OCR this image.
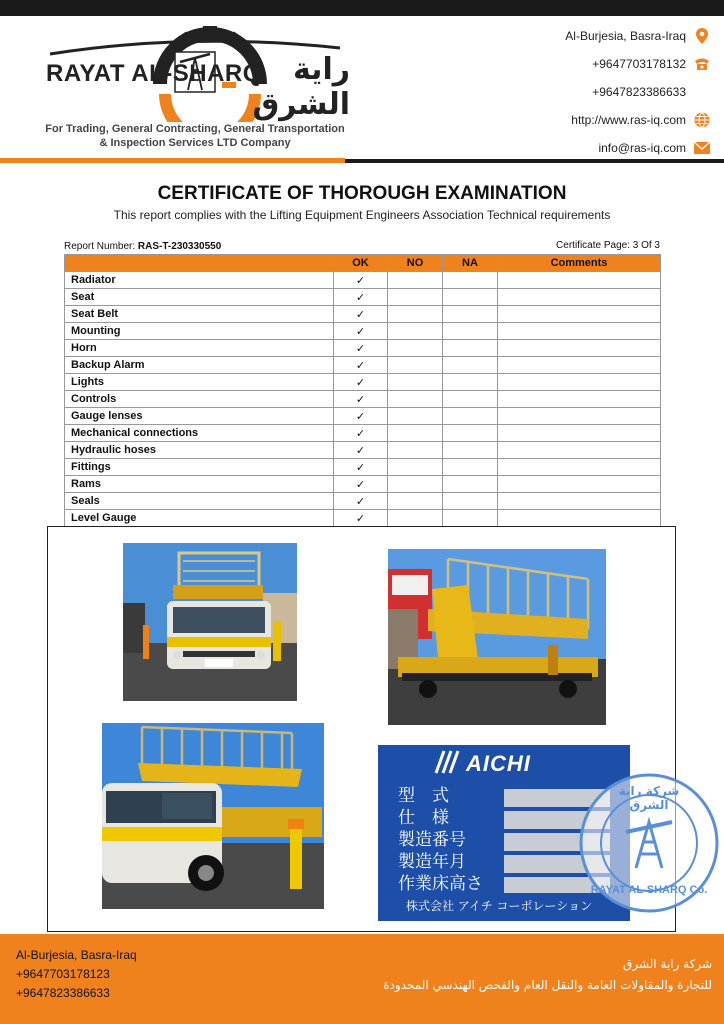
RAYAT AL-SHARQ	راية الشرق
For Trading, General Contracting, General Transportation
& Inspection Services LTD Company
Al-Burjesia, Basra-Iraq
+9647703178132
+9647823386633
http://www.ras-iq.com
info@ras-iq.com
CERTIFICATE OF THOROUGH EXAMINATION
This report complies with the Lifting Equipment Engineers Association Technical requirements
Report Number: RAS-T-230330550	Certificate Page: 3 Of 3
	OK	NO	NA	Comments
Radiator	✓			
Seat	✓			
Seat Belt	✓			
Mounting	✓			
Horn	✓			
Backup Alarm	✓			
Lights	✓			
Controls	✓			
Gauge lenses	✓			
Mechanical connections	✓			
Hydraulic hoses	✓			
Fittings	✓			
Rams	✓			
Seals	✓			
Level Gauge	✓			
AICHI
型　式
仕　様
製造番号
製造年月
作業床高さ
株式会社 アイチ コーポレーション
شركة راية الشرق
RAYAT AL-SHARQ Co.
Al-Burjesia, Basra-Iraq
+9647703178123
+9647823386633
شركة راية الشرق
للتجارة والمقاولات العامة والنقل العام والفحص الهندسي المحدودة
